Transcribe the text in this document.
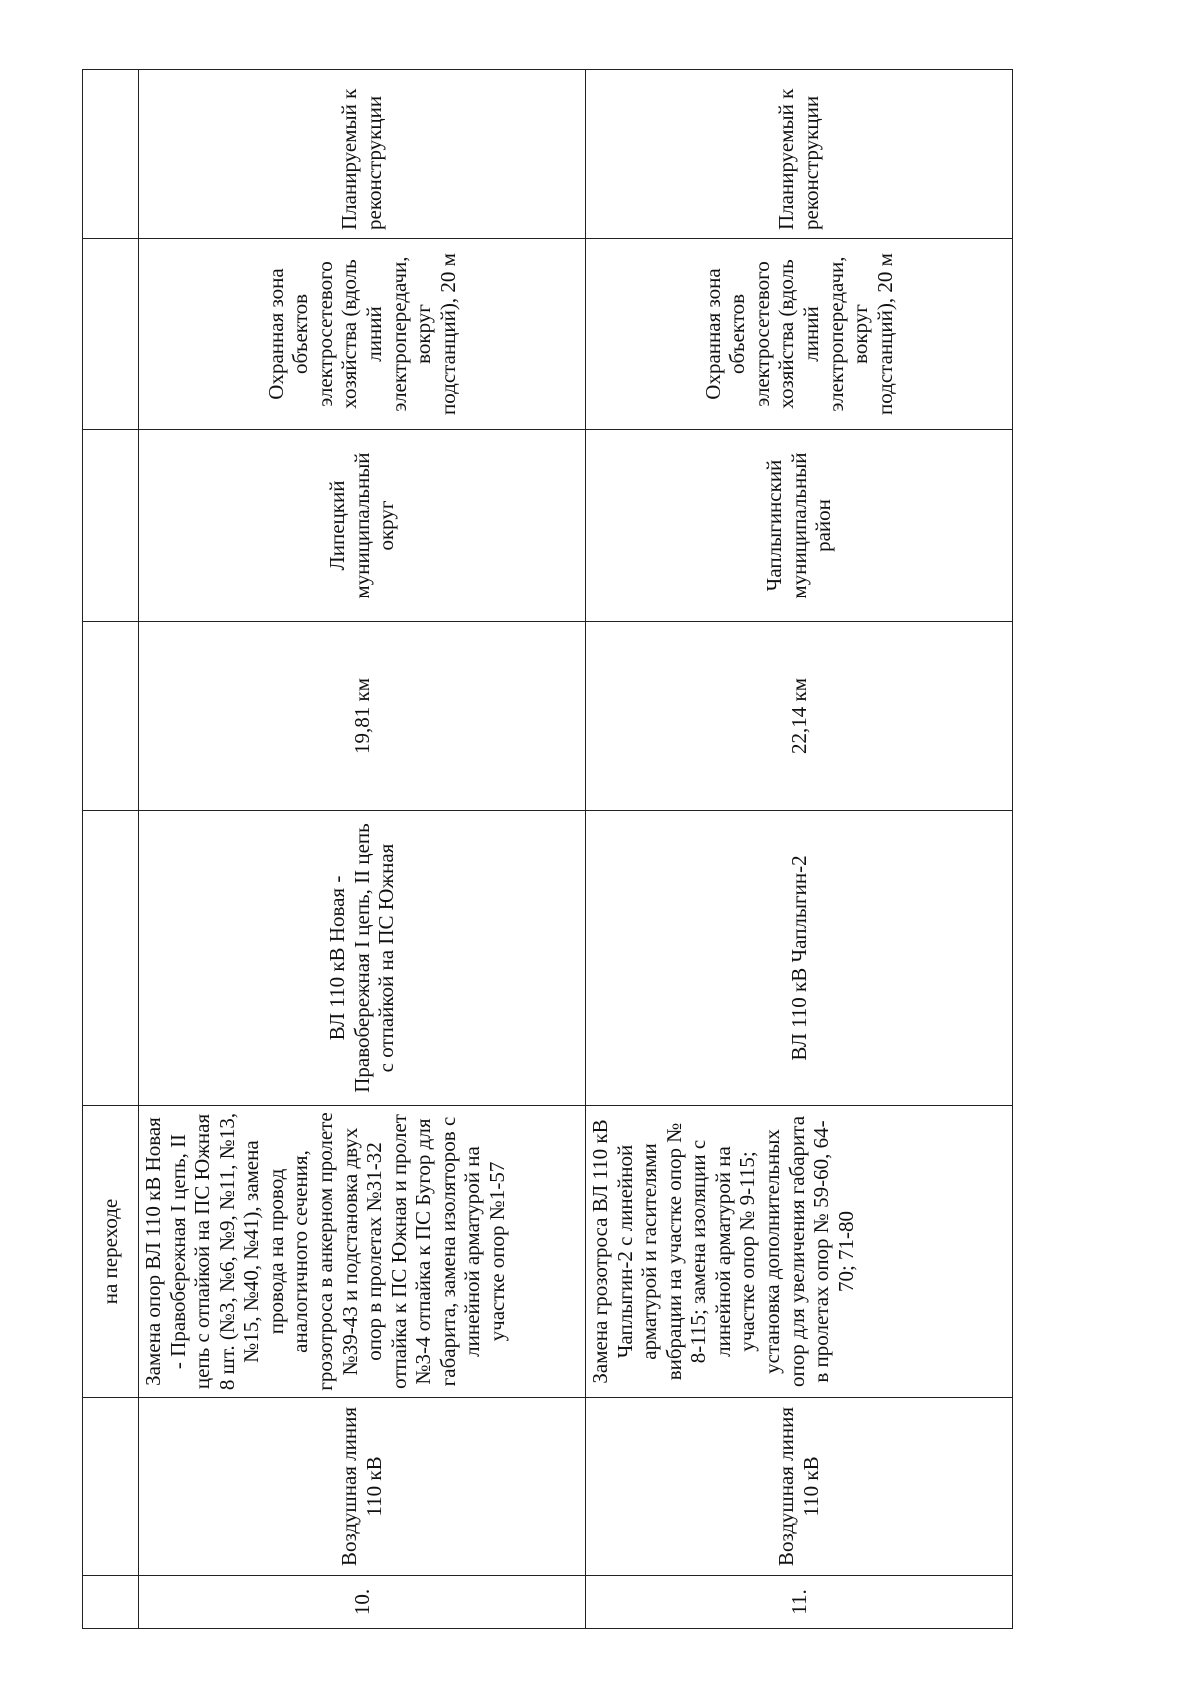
		на переходе					
10.	Воздушная линия 110 кВ	Замена опор ВЛ 110 кВ Новая - Правобережная I цепь, II цепь с отпайкой на ПС Южная 8 шт. (№3, №6, №9, №11, №13, №15, №40, №41), замена провода на провод аналогичного сечения, грозотроса в анкерном пролете №39-43 и подстановка двух опор в пролетах №31-32 отпайка к ПС Южная и пролет №3-4 отпайка к ПС Бугор для габарита, замена изоляторов с линейной арматурой на участке опор №1-57	ВЛ 110 кВ Новая - Правобережная I цепь, II цепь с отпайкой на ПС Южная	19,81 км	Липецкий муниципальный округ	Охранная зона объектов электросетевого хозяйства (вдоль линий электропередачи, вокруг подстанций), 20 м	Планируемый к реконструкции
11.	Воздушная линия 110 кВ	Замена грозотроса ВЛ 110 кВ Чаплыгин-2 с линейной арматурой и гасителями вибрации на участке опор № 8-115; замена изоляции с линейной арматурой на участке опор № 9-115; установка дополнительных опор для увеличения габарита в пролетах опор № 59-60, 64-70; 71-80	ВЛ 110 кВ Чаплыгин-2	22,14 км	Чаплыгинский муниципальный район	Охранная зона объектов электросетевого хозяйства (вдоль линий электропередачи, вокруг подстанций), 20 м	Планируемый к реконструкции
